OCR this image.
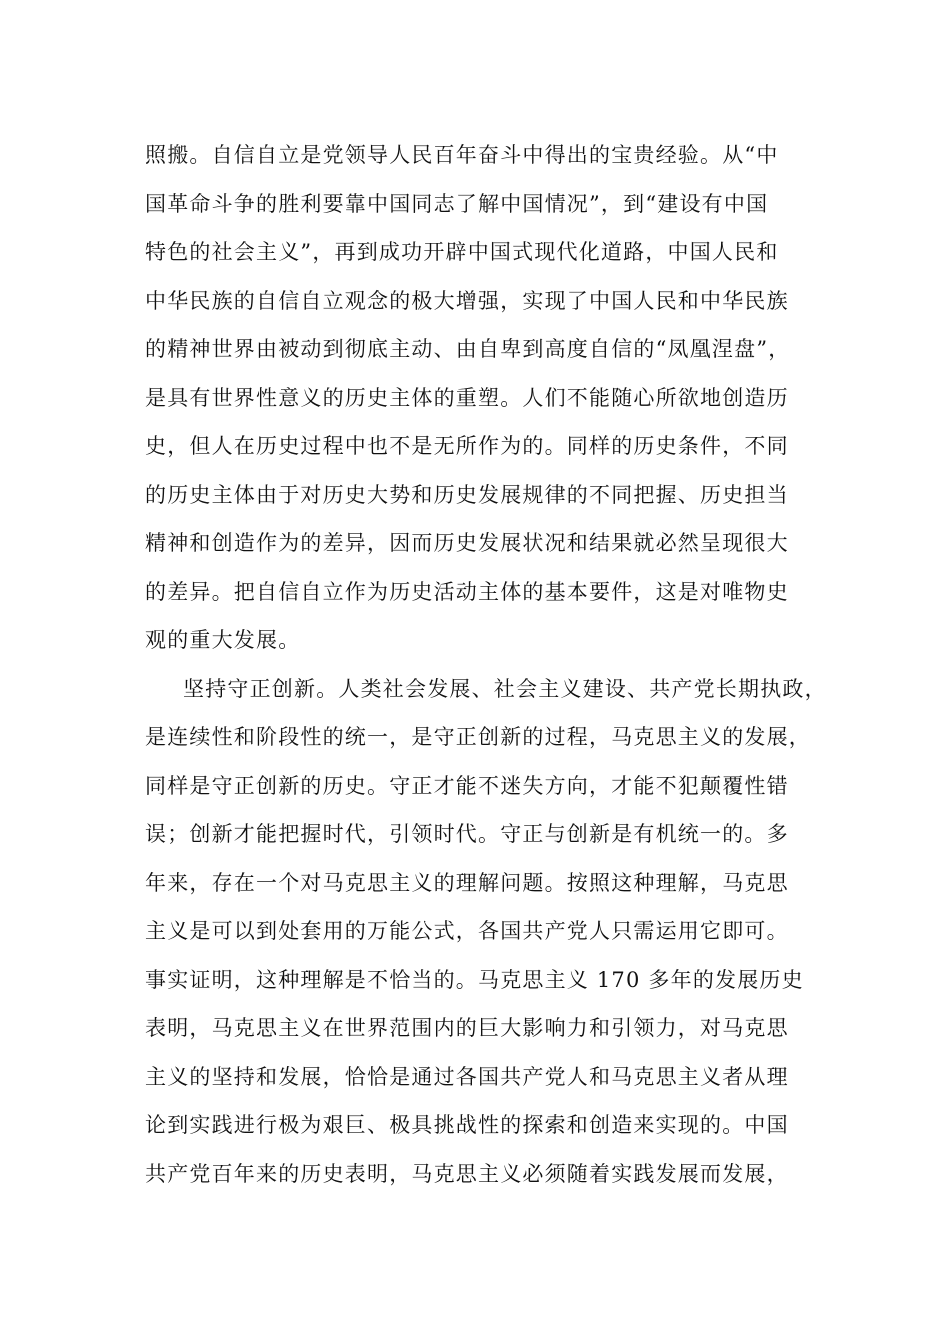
照搬。自信自立是党领导人民百年奋斗中得出的宝贵经验。从“中
国革命斗争的胜利要靠中国同志了解中国情况”，到“建设有中国
特色的社会主义”，再到成功开辟中国式现代化道路，中国人民和
中华民族的自信自立观念的极大增强，实现了中国人民和中华民族
的精神世界由被动到彻底主动、由自卑到高度自信的“凤凰涅盘”，
是具有世界性意义的历史主体的重塑。人们不能随心所欲地创造历
史，但人在历史过程中也不是无所作为的。同样的历史条件，不同
的历史主体由于对历史大势和历史发展规律的不同把握、历史担当
精神和创造作为的差异，因而历史发展状况和结果就必然呈现很大
的差异。把自信自立作为历史活动主体的基本要件，这是对唯物史
观的重大发展。
坚持守正创新。人类社会发展、社会主义建设、共产党长期执政，
是连续性和阶段性的统一，是守正创新的过程，马克思主义的发展，
同样是守正创新的历史。守正才能不迷失方向，才能不犯颠覆性错
误；创新才能把握时代，引领时代。守正与创新是有机统一的。多
年来，存在一个对马克思主义的理解问题。按照这种理解，马克思
主义是可以到处套用的万能公式，各国共产党人只需运用它即可。
事实证明，这种理解是不恰当的。马克思主义 170 多年的发展历史
表明，马克思主义在世界范围内的巨大影响力和引领力，对马克思
主义的坚持和发展，恰恰是通过各国共产党人和马克思主义者从理
论到实践进行极为艰巨、极具挑战性的探索和创造来实现的。中国
共产党百年来的历史表明，马克思主义必须随着实践发展而发展，
